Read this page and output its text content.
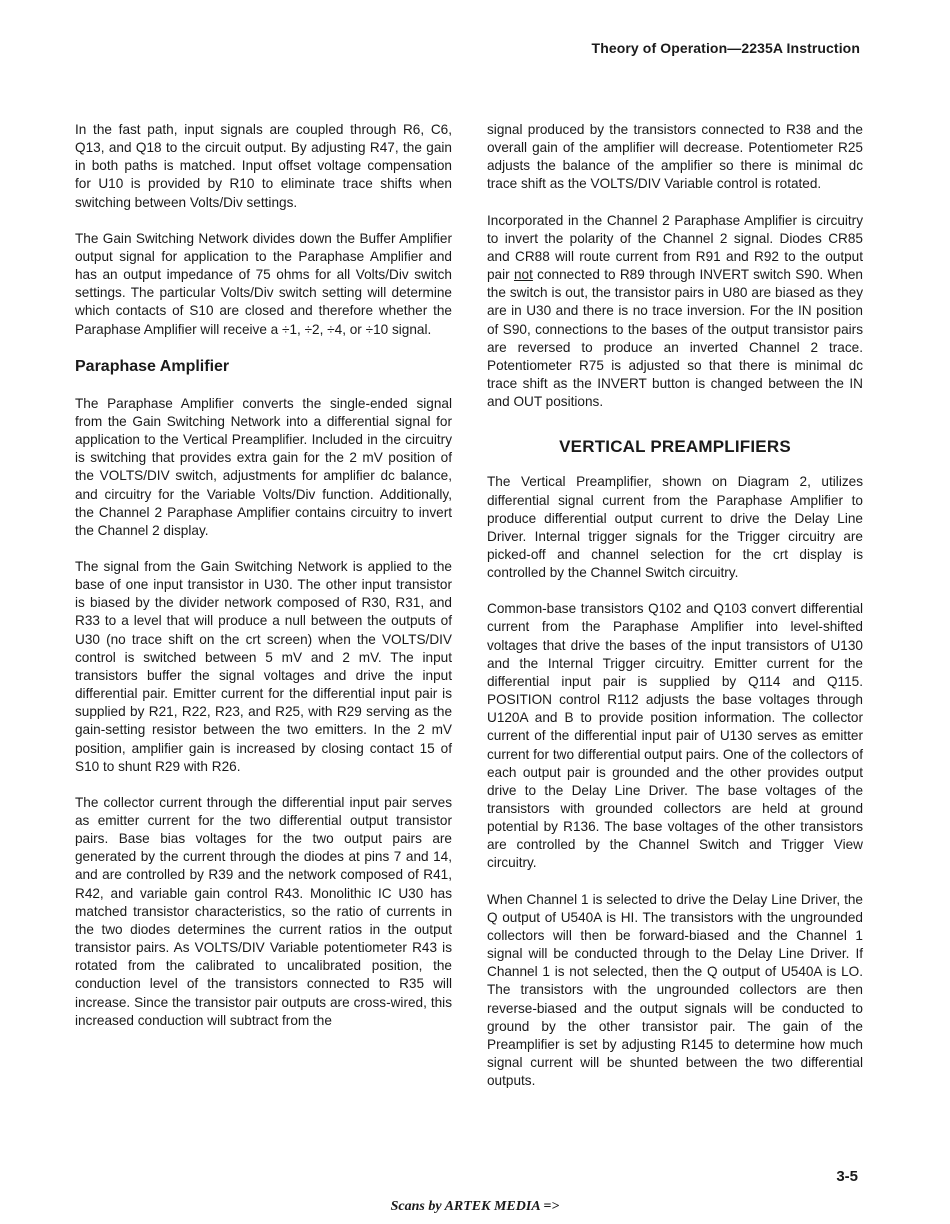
Theory of Operation—2235A Instruction

In the fast path, input signals are coupled through R6, C6, Q13, and Q18 to the circuit output. By adjusting R47, the gain in both paths is matched. Input offset voltage compensation for U10 is provided by R10 to eliminate trace shifts when switching between Volts/Div settings.

The Gain Switching Network divides down the Buffer Amplifier output signal for application to the Paraphase Amplifier and has an output impedance of 75 ohms for all Volts/Div switch settings. The particular Volts/Div switch setting will determine which contacts of S10 are closed and therefore whether the Paraphase Amplifier will receive a ÷1, ÷2, ÷4, or ÷10 signal.

Paraphase Amplifier

The Paraphase Amplifier converts the single-ended signal from the Gain Switching Network into a differential signal for application to the Vertical Preamplifier. Included in the circuitry is switching that provides extra gain for the 2 mV position of the VOLTS/DIV switch, adjustments for amplifier dc balance, and circuitry for the Variable Volts/Div function. Additionally, the Channel 2 Paraphase Amplifier contains circuitry to invert the Channel 2 display.

The signal from the Gain Switching Network is applied to the base of one input transistor in U30. The other input transistor is biased by the divider network composed of R30, R31, and R33 to a level that will produce a null between the outputs of U30 (no trace shift on the crt screen) when the VOLTS/DIV control is switched between 5 mV and 2 mV. The input transistors buffer the signal voltages and drive the input differential pair. Emitter current for the differential input pair is supplied by R21, R22, R23, and R25, with R29 serving as the gain-setting resistor between the two emitters. In the 2 mV position, amplifier gain is increased by closing contact 15 of S10 to shunt R29 with R26.

The collector current through the differential input pair serves as emitter current for the two differential output transistor pairs. Base bias voltages for the two output pairs are generated by the current through the diodes at pins 7 and 14, and are controlled by R39 and the network composed of R41, R42, and variable gain control R43. Monolithic IC U30 has matched transistor characteristics, so the ratio of currents in the two diodes determines the current ratios in the output transistor pairs. As VOLTS/DIV Variable potentiometer R43 is rotated from the calibrated to uncalibrated position, the conduction level of the transistors connected to R35 will increase. Since the transistor pair outputs are cross-wired, this increased conduction will subtract from the

signal produced by the transistors connected to R38 and the overall gain of the amplifier will decrease. Potentiometer R25 adjusts the balance of the amplifier so there is minimal dc trace shift as the VOLTS/DIV Variable control is rotated.

Incorporated in the Channel 2 Paraphase Amplifier is circuitry to invert the polarity of the Channel 2 signal. Diodes CR85 and CR88 will route current from R91 and R92 to the output pair not connected to R89 through INVERT switch S90. When the switch is out, the transistor pairs in U80 are biased as they are in U30 and there is no trace inversion. For the IN position of S90, connections to the bases of the output transistor pairs are reversed to produce an inverted Channel 2 trace. Potentiometer R75 is adjusted so that there is minimal dc trace shift as the INVERT button is changed between the IN and OUT positions.

VERTICAL PREAMPLIFIERS

The Vertical Preamplifier, shown on Diagram 2, utilizes differential signal current from the Paraphase Amplifier to produce differential output current to drive the Delay Line Driver. Internal trigger signals for the Trigger circuitry are picked-off and channel selection for the crt display is controlled by the Channel Switch circuitry.

Common-base transistors Q102 and Q103 convert differential current from the Paraphase Amplifier into level-shifted voltages that drive the bases of the input transistors of U130 and the Internal Trigger circuitry. Emitter current for the differential input pair is supplied by Q114 and Q115. POSITION control R112 adjusts the base voltages through U120A and B to provide position information. The collector current of the differential input pair of U130 serves as emitter current for two differential output pairs. One of the collectors of each output pair is grounded and the other provides output drive to the Delay Line Driver. The base voltages of the transistors with grounded collectors are held at ground potential by R136. The base voltages of the other transistors are controlled by the Channel Switch and Trigger View circuitry.

When Channel 1 is selected to drive the Delay Line Driver, the Q output of U540A is HI. The transistors with the ungrounded collectors will then be forward-biased and the Channel 1 signal will be conducted through to the Delay Line Driver. If Channel 1 is not selected, then the Q output of U540A is LO. The transistors with the ungrounded collectors are then reverse-biased and the output signals will be conducted to ground by the other transistor pair. The gain of the Preamplifier is set by adjusting R145 to determine how much signal current will be shunted between the two differential outputs.

3-5
Scans by ARTEK MEDIA =>
